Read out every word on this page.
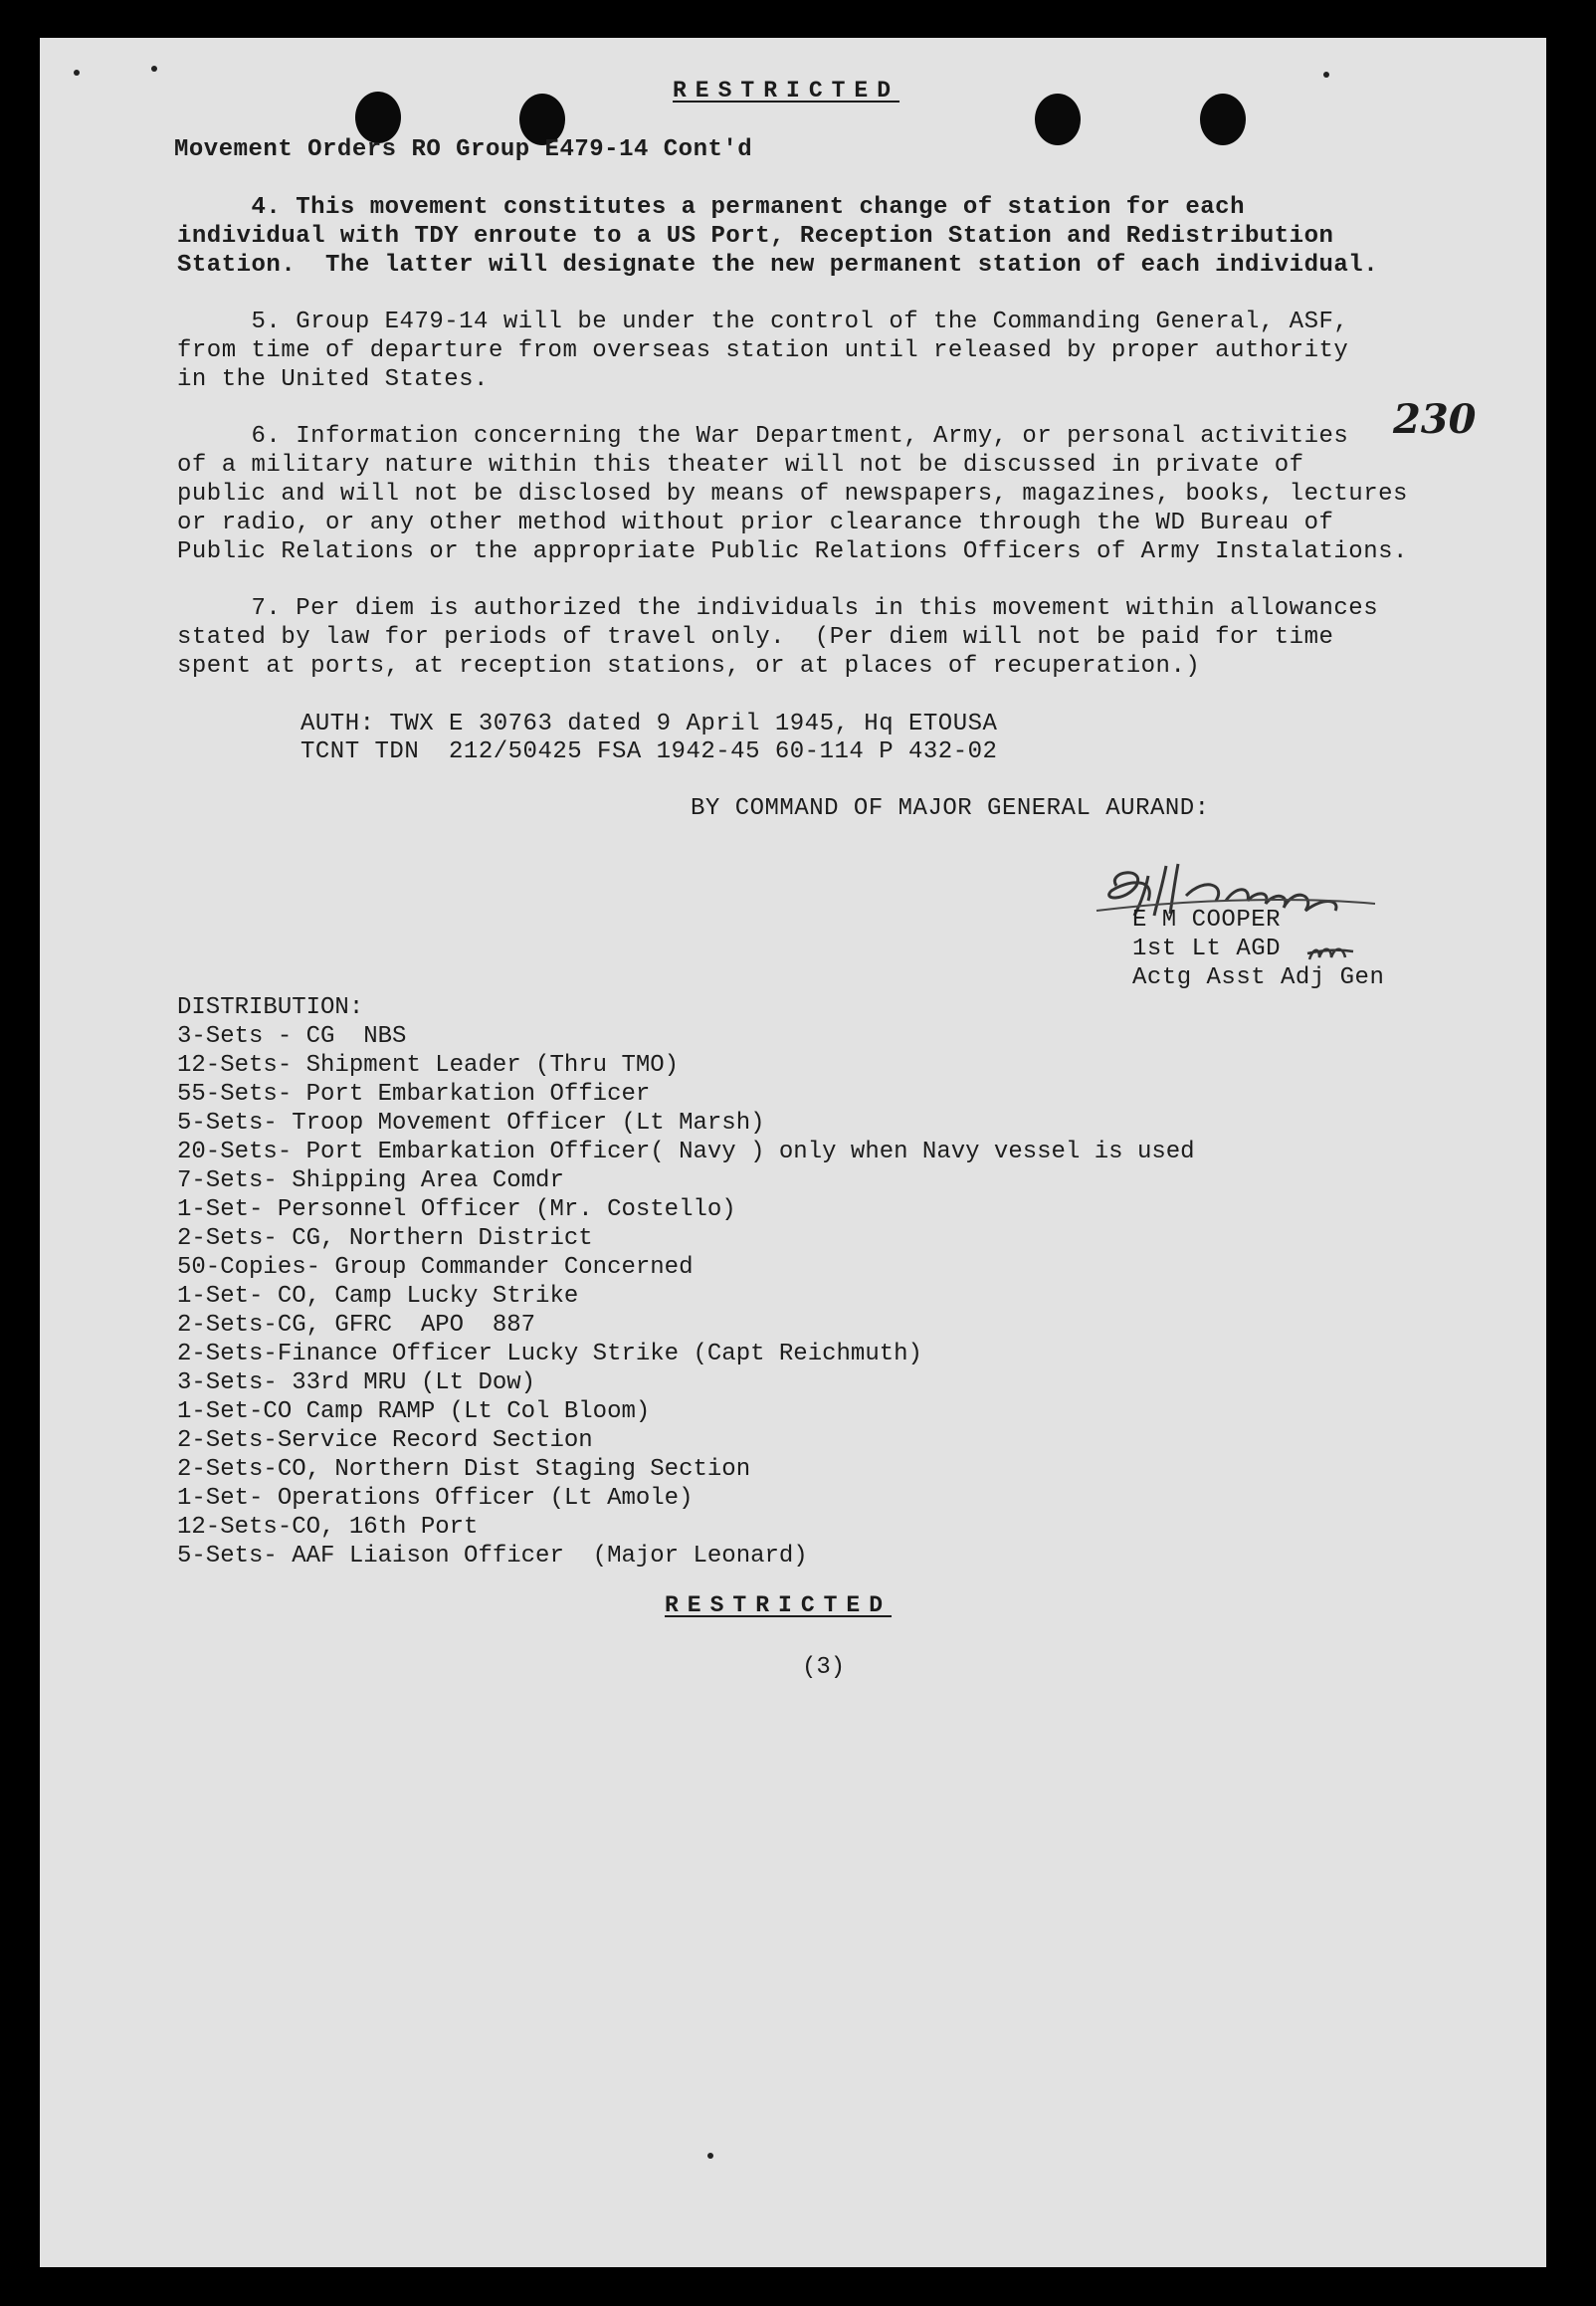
RESTRICTED
Movement Orders RO Group E479-14 Cont'd
4. This movement constitutes a permanent change of station for each
individual with TDY enroute to a US Port, Reception Station and Redistribution
Station.  The latter will designate the new permanent station of each individual.
5. Group E479-14 will be under the control of the Commanding General, ASF,
from time of departure from overseas station until released by proper authority
in the United States.
230
6. Information concerning the War Department, Army, or personal activities
of a military nature within this theater will not be discussed in private of
public and will not be disclosed by means of newspapers, magazines, books, lectures
or radio, or any other method without prior clearance through the WD Bureau of
Public Relations or the appropriate Public Relations Officers of Army Instalations.
7. Per diem is authorized the individuals in this movement within allowances
stated by law for periods of travel only.  (Per diem will not be paid for time
spent at ports, at reception stations, or at places of recuperation.)
AUTH: TWX E 30763 dated 9 April 1945, Hq ETOUSA
TCNT TDN  212/50425 FSA 1942-45 60-114 P 432-02
BY COMMAND OF MAJOR GENERAL AURAND:
E M COOPER
1st Lt AGD
Actg Asst Adj Gen
DISTRIBUTION:
3-Sets - CG  NBS
12-Sets- Shipment Leader (Thru TMO)
55-Sets- Port Embarkation Officer
5-Sets- Troop Movement Officer (Lt Marsh)
20-Sets- Port Embarkation Officer( Navy ) only when Navy vessel is used
7-Sets- Shipping Area Comdr
1-Set- Personnel Officer (Mr. Costello)
2-Sets- CG, Northern District
50-Copies- Group Commander Concerned
1-Set- CO, Camp Lucky Strike
2-Sets-CG, GFRC  APO  887
2-Sets-Finance Officer Lucky Strike (Capt Reichmuth)
3-Sets- 33rd MRU (Lt Dow)
1-Set-CO Camp RAMP (Lt Col Bloom)
2-Sets-Service Record Section
2-Sets-CO, Northern Dist Staging Section
1-Set- Operations Officer (Lt Amole)
12-Sets-CO, 16th Port
5-Sets- AAF Liaison Officer  (Major Leonard)
RESTRICTED
(3)
